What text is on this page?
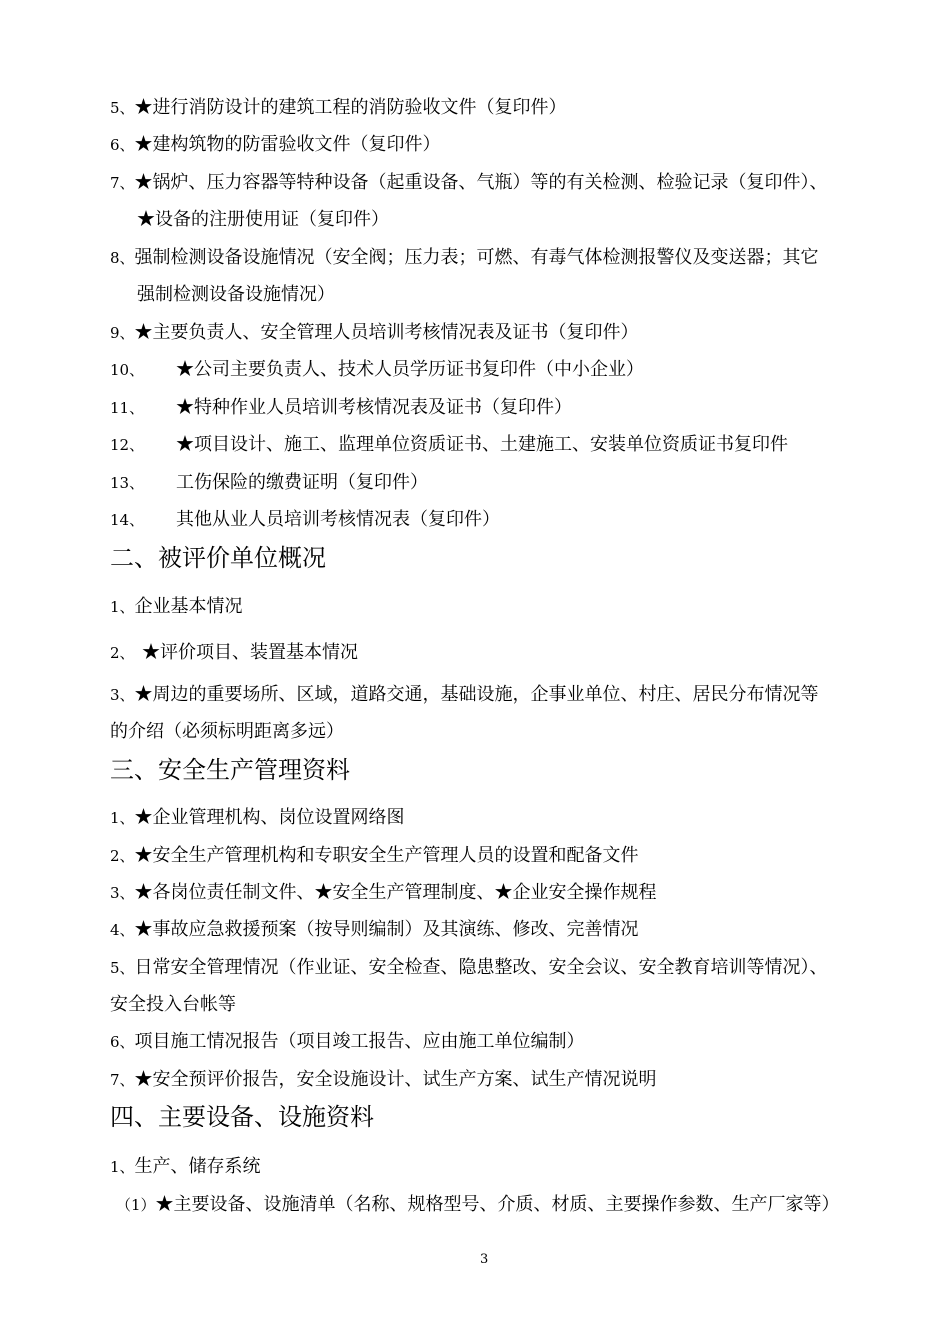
5、★进行消防设计的建筑工程的消防验收文件（复印件）
6、★建构筑物的防雷验收文件（复印件）
7、★锅炉、压力容器等特种设备（起重设备、气瓶）等的有关检测、检验记录（复印件）、
★设备的注册使用证（复印件）
8、强制检测设备设施情况（安全阀；压力表；可燃、有毒气体检测报警仪及变送器；其它
强制检测设备设施情况）
9、★主要负责人、安全管理人员培训考核情况表及证书（复印件）
10、 ★公司主要负责人、技术人员学历证书复印件（中小企业）
11、 ★特种作业人员培训考核情况表及证书（复印件）
12、 ★项目设计、施工、监理单位资质证书、土建施工、安装单位资质证书复印件
13、 工伤保险的缴费证明（复印件）
14、 其他从业人员培训考核情况表（复印件）
二、被评价单位概况
1、企业基本情况
2、 ★评价项目、装置基本情况
3、★周边的重要场所、区域，道路交通，基础设施，企事业单位、村庄、居民分布情况等
的介绍（必须标明距离多远）
三、安全生产管理资料
1、★企业管理机构、岗位设置网络图
2、★安全生产管理机构和专职安全生产管理人员的设置和配备文件
3、★各岗位责任制文件、★安全生产管理制度、★企业安全操作规程
4、★事故应急救援预案（按导则编制）及其演练、修改、完善情况
5、日常安全管理情况（作业证、安全检查、隐患整改、安全会议、安全教育培训等情况）、
安全投入台帐等
6、项目施工情况报告（项目竣工报告、应由施工单位编制）
7、★安全预评价报告，安全设施设计、试生产方案、试生产情况说明
四、主要设备、设施资料
1、生产、储存系统
（1）★主要设备、设施清单（名称、规格型号、介质、材质、主要操作参数、生产厂家等）
3
